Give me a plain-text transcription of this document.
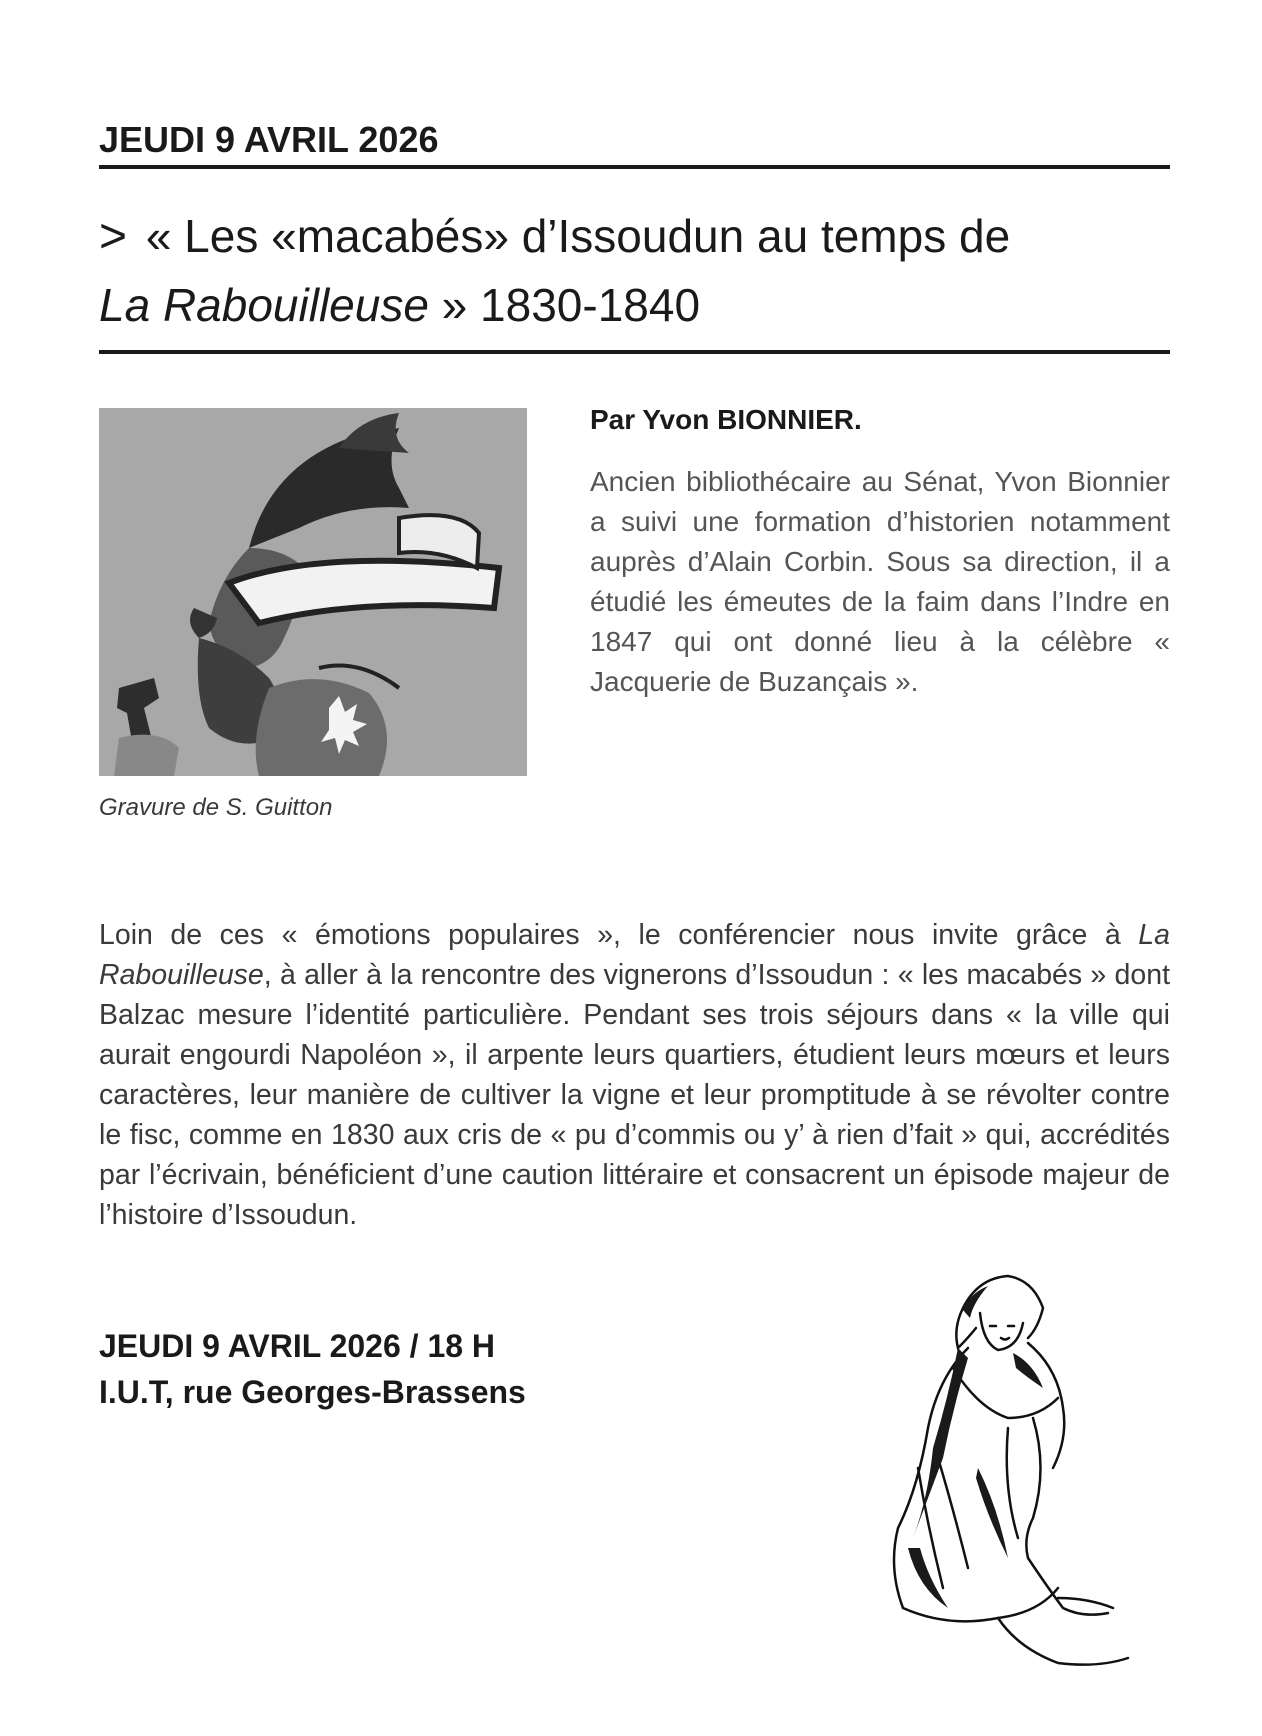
JEUDI 9 AVRIL 2026
> « Les «macabés» d’Issoudun au temps de
La Rabouilleuse » 1830-1840
Gravure de S. Guitton
Par Yvon BIONNIER.
Ancien bibliothécaire au Sénat, Yvon Bionnier a suivi une formation d’historien notamment auprès d’Alain Corbin. Sous sa direction, il a étudié les émeutes de la faim dans l’Indre en 1847 qui ont donné lieu à la célèbre « Jacquerie de Buzançais ».
Loin de ces « émotions populaires », le conférencier nous invite grâce à La Rabouilleuse, à aller à la rencontre des vignerons d’Issoudun : « les macabés » dont Balzac mesure l’identité particulière. Pendant ses trois séjours dans « la ville qui aurait engourdi Napoléon », il arpente leurs quartiers, étudient leurs mœurs et leurs caractères, leur manière de cultiver la vigne et leur promptitude à se révolter contre le fisc, comme en 1830 aux cris de « pu d’commis ou y’ à rien d’fait » qui, accrédités par l’écrivain, bénéficient d’une caution littéraire et consacrent un épisode majeur de l’histoire d’Issoudun.
JEUDI 9 AVRIL 2026 / 18 H
I.U.T, rue Georges-Brassens
